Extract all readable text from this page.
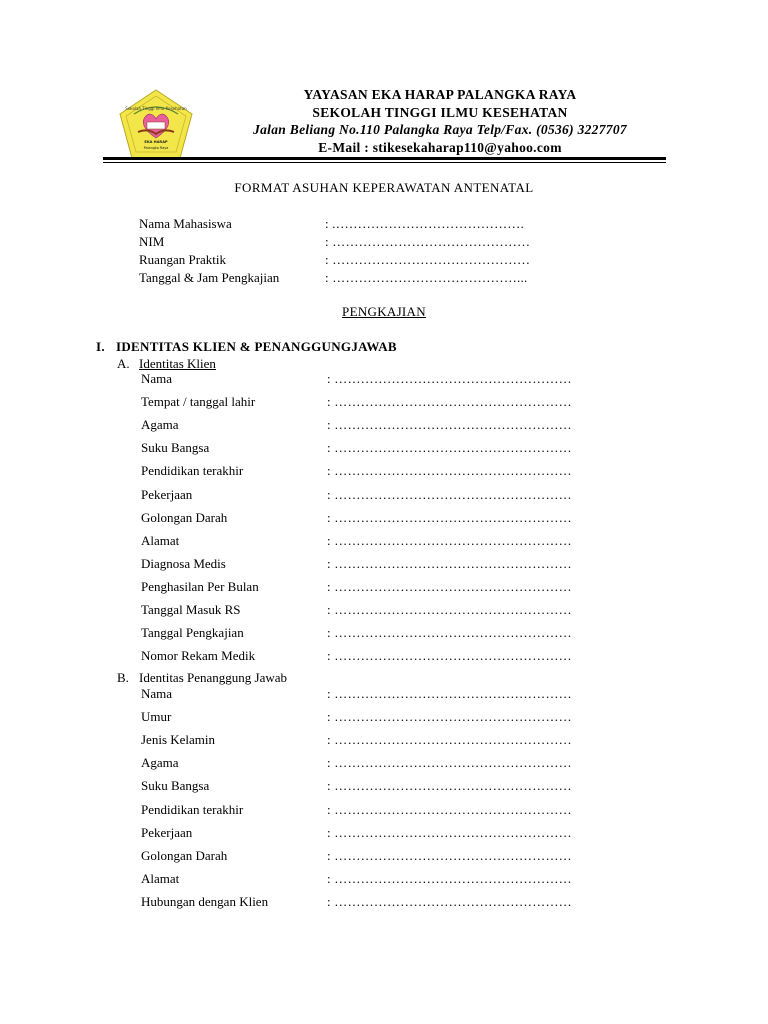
Sekolah Tinggi Ilmu Kesehatan
EKA HARAP
Palangka Raya
YAYASAN EKA HARAP PALANGKA RAYA
SEKOLAH TINGGI ILMU KESEHATAN
Jalan Beliang No.110 Palangka Raya Telp/Fax. (0536) 3227707
E-Mail : stikesekaharap110@yahoo.com
FORMAT ASUHAN KEPERAWATAN ANTENATAL
Nama Mahasiswa	: .…………………………………….
NIM	: ………………………………………
Ruangan Praktik	: ………………………………………
Tanggal & Jam Pengkajian	: ……………………………………...
PENGKAJIAN
I. IDENTITAS KLIEN & PENANGGUNGJAWAB
A. Identitas Klien
Nama	: ………………………………………………
Tempat / tanggal lahir	: ………………………………………………
Agama	: ………………………………………………
Suku Bangsa	: ………………………………………………
Pendidikan terakhir	: ………………………………………………
Pekerjaan	: ………………………………………………
Golongan Darah	: ………………………………………………
Alamat	: ………………………………………………
Diagnosa Medis	: ………………………………………………
Penghasilan Per Bulan	: ………………………………………………
Tanggal Masuk RS	: ………………………………………………
Tanggal Pengkajian	: ………………………………………………
Nomor Rekam Medik	: ………………………………………………
B. Identitas Penanggung Jawab
Nama	: ………………………………………………
Umur	: ………………………………………………
Jenis Kelamin	: ………………………………………………
Agama	: ………………………………………………
Suku Bangsa	: ………………………………………………
Pendidikan terakhir	: ………………………………………………
Pekerjaan	: ………………………………………………
Golongan Darah	: ………………………………………………
Alamat	: ………………………………………………
Hubungan dengan Klien	: ………………………………………………
